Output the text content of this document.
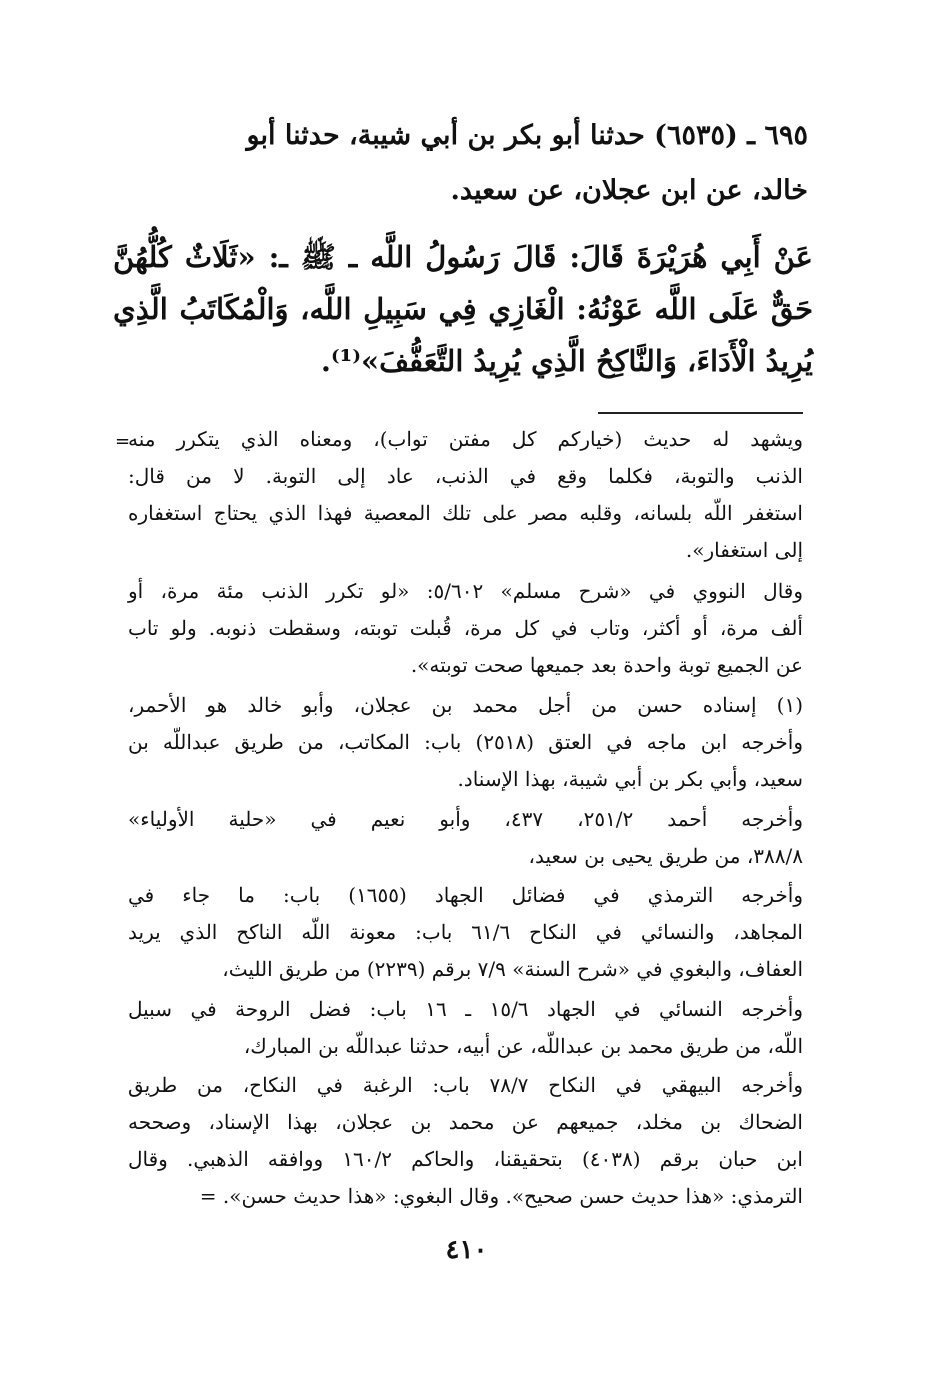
٦٩٥ ـ (٦٥٣٥) حدثنا أبو بكر بن أبي شيبة، حدثنا أبو
خالد، عن ابن عجلان، عن سعيد.
عَنْ أَبِي هُرَيْرَةَ قَالَ: قَالَ رَسُولُ اللَّه ـ ﷺ ـ: «ثَلَاثٌ كُلُّهُنَّ
حَقٌّ عَلَى اللَّه عَوْنُهُ: الْغَازِي فِي سَبِيلِ اللَّه، وَالْمُكَاتَبُ الَّذِي
يُرِيدُ الْأَدَاءَ، وَالنَّاكِحُ الَّذِي يُرِيدُ التَّعَفُّفَ»⁽¹⁾.
=
ويشهد له حديث (خياركم كل مفتن تواب)، ومعناه الذي يتكرر منه
الذنب والتوبة، فكلما وقع في الذنب، عاد إلى التوبة. لا من قال:
استغفر اللّه بلسانه، وقلبه مصر على تلك المعصية فهذا الذي يحتاج استغفاره
إلى استغفار».
وقال النووي في «شرح مسلم» ٥/٦٠٢: «لو تكرر الذنب مئة مرة، أو
ألف مرة، أو أكثر، وتاب في كل مرة، قُبلت توبته، وسقطت ذنوبه. ولو تاب
عن الجميع توبة واحدة بعد جميعها صحت توبته».
(١) إسناده حسن من أجل محمد بن عجلان، وأبو خالد هو الأحمر،
وأخرجه ابن ماجه في العتق (٢٥١٨) باب: المكاتب، من طريق عبداللّه بن
سعيد، وأبي بكر بن أبي شيبة، بهذا الإسناد.
وأخرجه أحمد ٢٥١/٢، ٤٣٧، وأبو نعيم في «حلية الأولياء»
٣٨٨/٨، من طريق يحيى بن سعيد،
وأخرجه الترمذي في فضائل الجهاد (١٦٥٥) باب: ما جاء في
المجاهد، والنسائي في النكاح ٦١/٦ باب: معونة اللّه الناكح الذي يريد
العفاف، والبغوي في «شرح السنة» ٧/٩ برقم (٢٢٣٩) من طريق الليث،
وأخرجه النسائي في الجهاد ١٥/٦ ـ ١٦ باب: فضل الروحة في سبيل
اللّه، من طريق محمد بن عبداللّه، عن أبيه، حدثنا عبداللّه بن المبارك،
وأخرجه البيهقي في النكاح ٧٨/٧ باب: الرغبة في النكاح، من طريق
الضحاك بن مخلد، جميعهم عن محمد بن عجلان، بهذا الإسناد، وصححه
ابن حبان برقم (٤٠٣٨) بتحقيقنا، والحاكم ١٦٠/٢ ووافقه الذهبي. وقال
الترمذي: «هذا حديث حسن صحيح». وقال البغوي: «هذا حديث حسن». =
٤١٠
